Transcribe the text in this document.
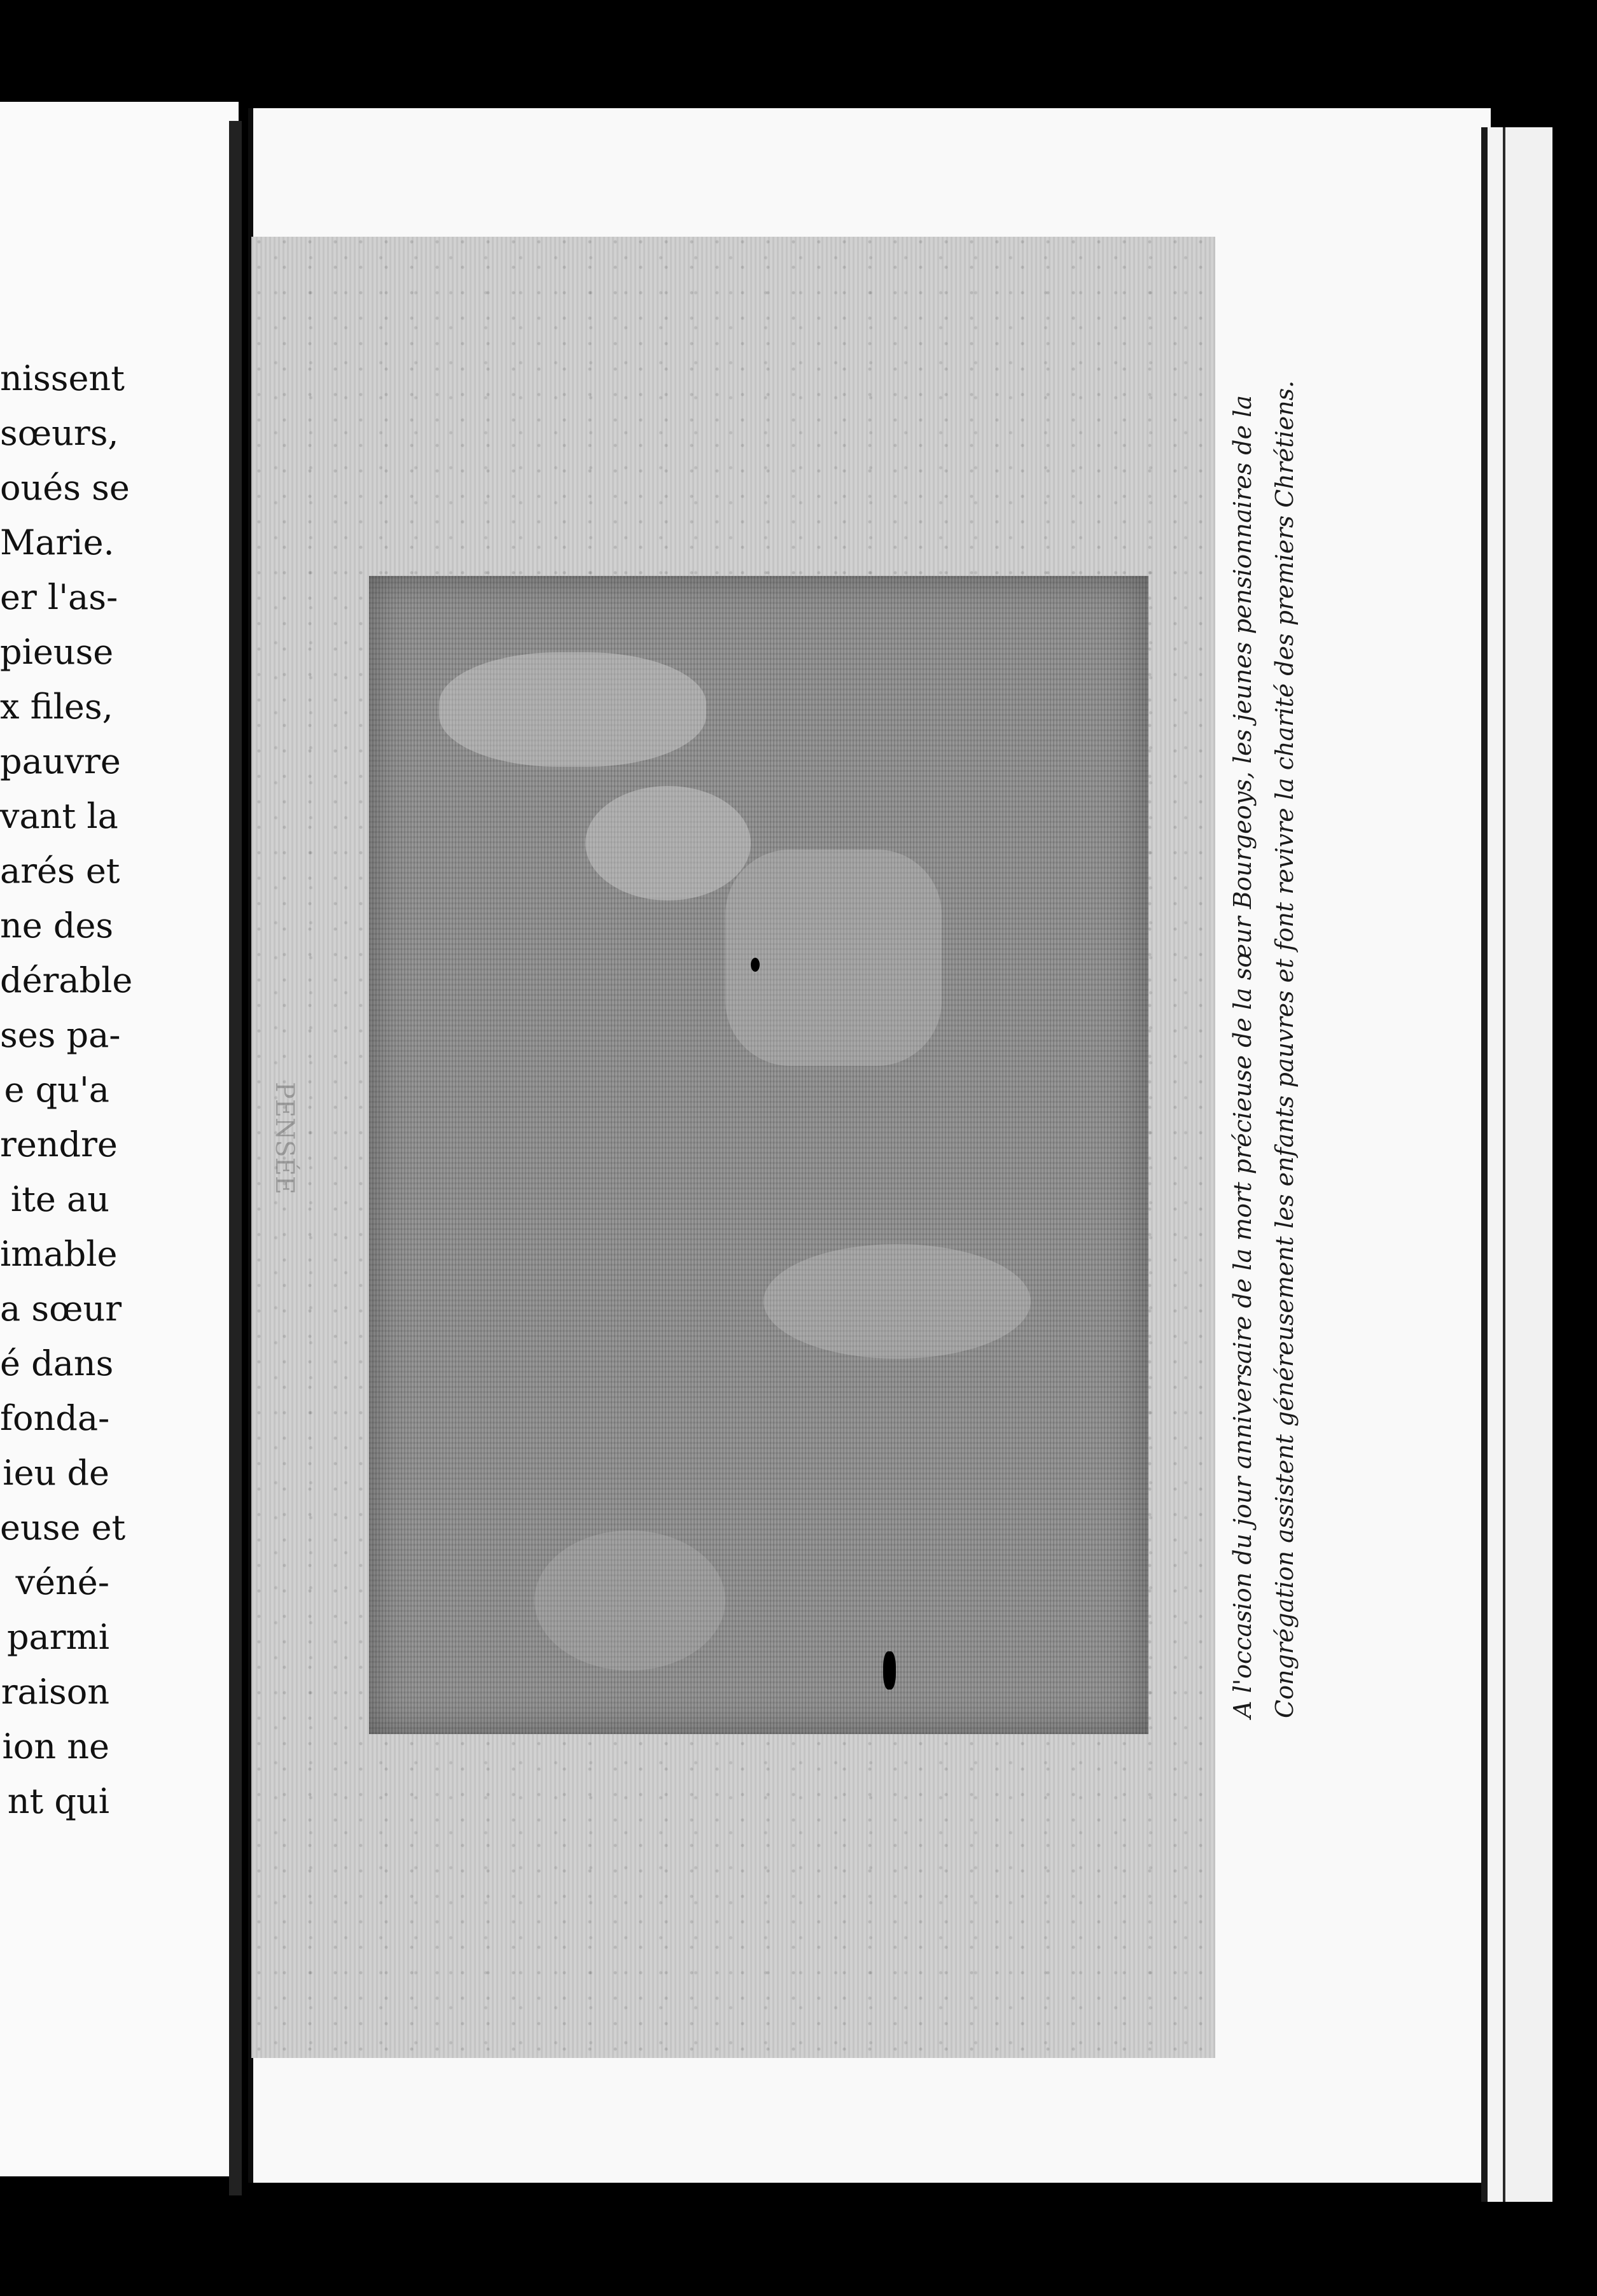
nissent
sœurs,
oués se
Marie.
er l'as-
pieuse
x files,
pauvre
vant la
arés et
ne des
dérable
ses pa-
e qu'a
rendre
ite au
imable
a sœur
é dans
fonda-
ieu de
euse et
véné-
parmi
raison
ion ne
nt qui
PENSÉE	A l'occasion du jour anniversaire de la mort précieuse de la sœur Bourgeoys, les jeunes pensionnaires de la Congrégation assistent généreusement les enfants pauvres et font revivre la charité des premiers Chrétiens.
